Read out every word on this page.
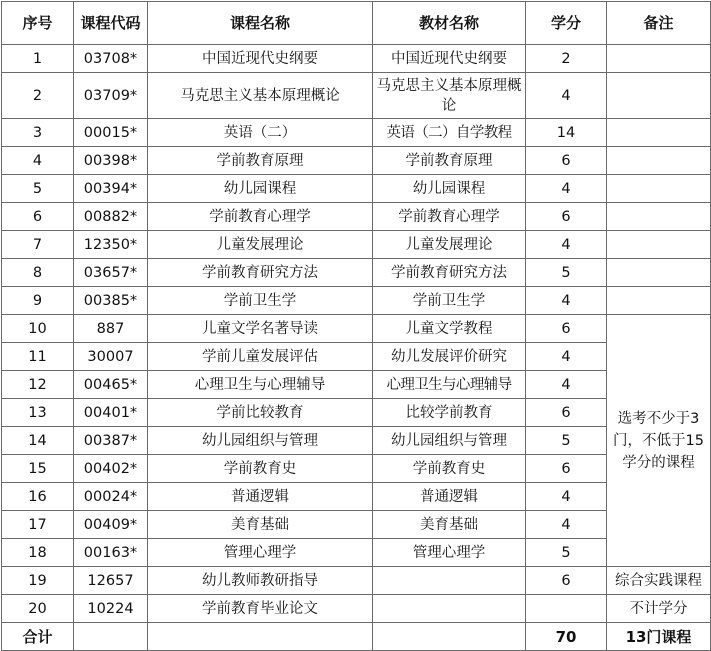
序号	课程代码	课程名称	教材名称	学分	备注
1	03708*	中国近现代史纲要	中国近现代史纲要	2	
2	03709*	马克思主义基本原理概论	马克思主义基本原理概论	4	
3	00015*	英语（二）	英语（二）自学教程	14	
4	00398*	学前教育原理	学前教育原理	6	
5	00394*	幼儿园课程	幼儿园课程	4	
6	00882*	学前教育心理学	学前教育心理学	6	
7	12350*	儿童发展理论	儿童发展理论	4	
8	03657*	学前教育研究方法	学前教育研究方法	5	
9	00385*	学前卫生学	学前卫生学	4	
10	887	儿童文学名著导读	儿童文学教程	6	选考不少于3门，不低于15学分的课程
11	30007	学前儿童发展评估	幼儿发展评价研究	4	
12	00465*	心理卫生与心理辅导	心理卫生与心理辅导	4	
13	00401*	学前比较教育	比较学前教育	6	
14	00387*	幼儿园组织与管理	幼儿园组织与管理	5	
15	00402*	学前教育史	学前教育史	6	
16	00024*	普通逻辑	普通逻辑	4	
17	00409*	美育基础	美育基础	4	
18	00163*	管理心理学	管理心理学	5	
19	12657	幼儿教师教研指导		6	综合实践课程
20	10224	学前教育毕业论文			不计学分
合计				70	13门课程
